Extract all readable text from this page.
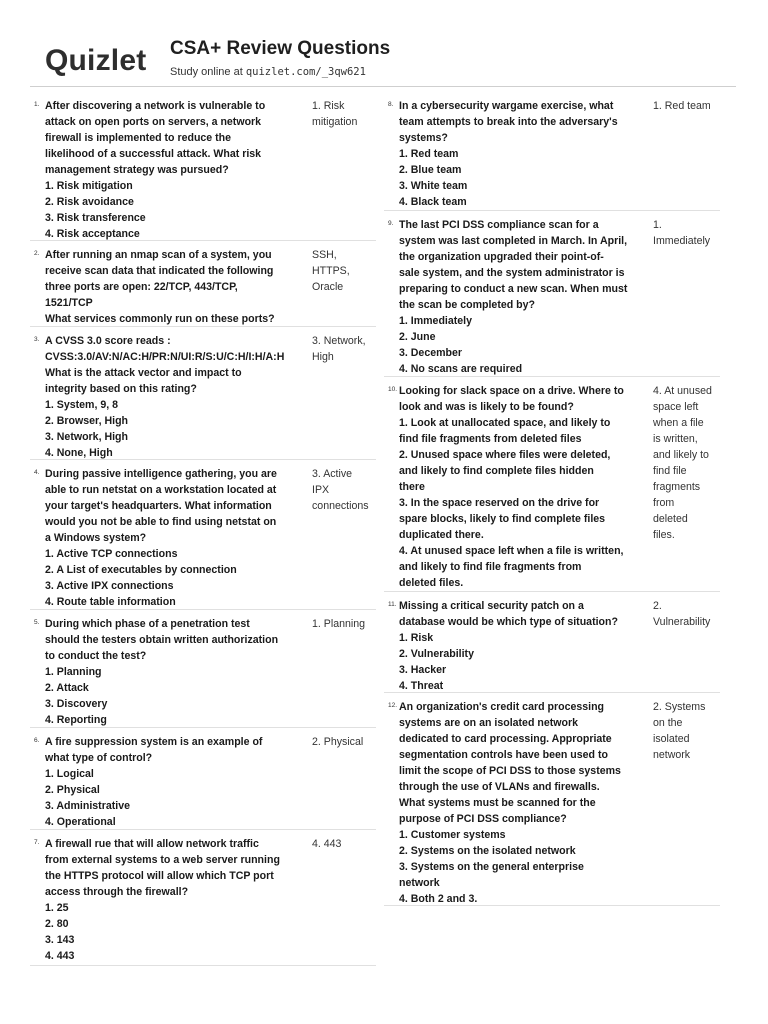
Quizlet CSA+ Review Questions
Study online at quizlet.com/_3qw621
1. After discovering a network is vulnerable to
attack on open ports on servers, a network
firewall is implemented to reduce the
likelihood of a successful attack. What risk
management strategy was pursued?
1. Risk mitigation
2. Risk avoidance
3. Risk transference
4. Risk acceptance
1. Risk
mitigation
2. After running an nmap scan of a system, you
receive scan data that indicated the following
three ports are open: 22/TCP, 443/TCP,
1521/TCP
What services commonly run on these ports?
SSH,
HTTPS,
Oracle
3. A CVSS 3.0 score reads :
CVSS:3.0/AV:N/AC:H/PR:N/UI:R/S:U/C:H/I:H/A:H
What is the attack vector and impact to
integrity based on this rating?
1. System, 9, 8
2. Browser, High
3. Network, High
4. None, High
3. Network,
High
4. During passive intelligence gathering, you are
able to run netstat on a workstation located at
your target's headquarters. What information
would you not be able to find using netstat on
a Windows system?
1. Active TCP connections
2. A List of executables by connection
3. Active IPX connections
4. Route table information
3. Active
IPX
connections
5. During which phase of a penetration test
should the testers obtain written authorization
to conduct the test?
1. Planning
2. Attack
3. Discovery
4. Reporting
1. Planning
6. A fire suppression system is an example of
what type of control?
1. Logical
2. Physical
3. Administrative
4. Operational
2. Physical
7. A firewall rue that will allow network traffic
from external systems to a web server running
the HTTPS protocol will allow which TCP port
access through the firewall?
1. 25
2. 80
3. 143
4. 443
4. 443
8. In a cybersecurity wargame exercise, what
team attempts to break into the adversary's
systems?
1. Red team
2. Blue team
3. White team
4. Black team
1. Red team
9. The last PCI DSS compliance scan for a
system was last completed in March. In April,
the organization upgraded their point-of-
sale system, and the system administrator is
preparing to conduct a new scan. When must
the scan be completed by?
1. Immediately
2. June
3. December
4. No scans are required
1.
Immediately
10. Looking for slack space on a drive. Where to
look and was is likely to be found?
1. Look at unallocated space, and likely to
find file fragments from deleted files
2. Unused space where files were deleted,
and likely to find complete files hidden
there
3. In the space reserved on the drive for
spare blocks, likely to find complete files
duplicated there.
4. At unused space left when a file is written,
and likely to find file fragments from
deleted files.
4. At unused
space left
when a file
is written,
and likely to
find file
fragments
from
deleted
files.
11. Missing a critical security patch on a
database would be which type of situation?
1. Risk
2. Vulnerability
3. Hacker
4. Threat
2.
Vulnerability
12. An organization's credit card processing
systems are on an isolated network
dedicated to card processing. Appropriate
segmentation controls have been used to
limit the scope of PCI DSS to those systems
through the use of VLANs and firewalls.
What systems must be scanned for the
purpose of PCI DSS compliance?
1. Customer systems
2. Systems on the isolated network
3. Systems on the general enterprise
network
4. Both 2 and 3.
2. Systems
on the
isolated
network
